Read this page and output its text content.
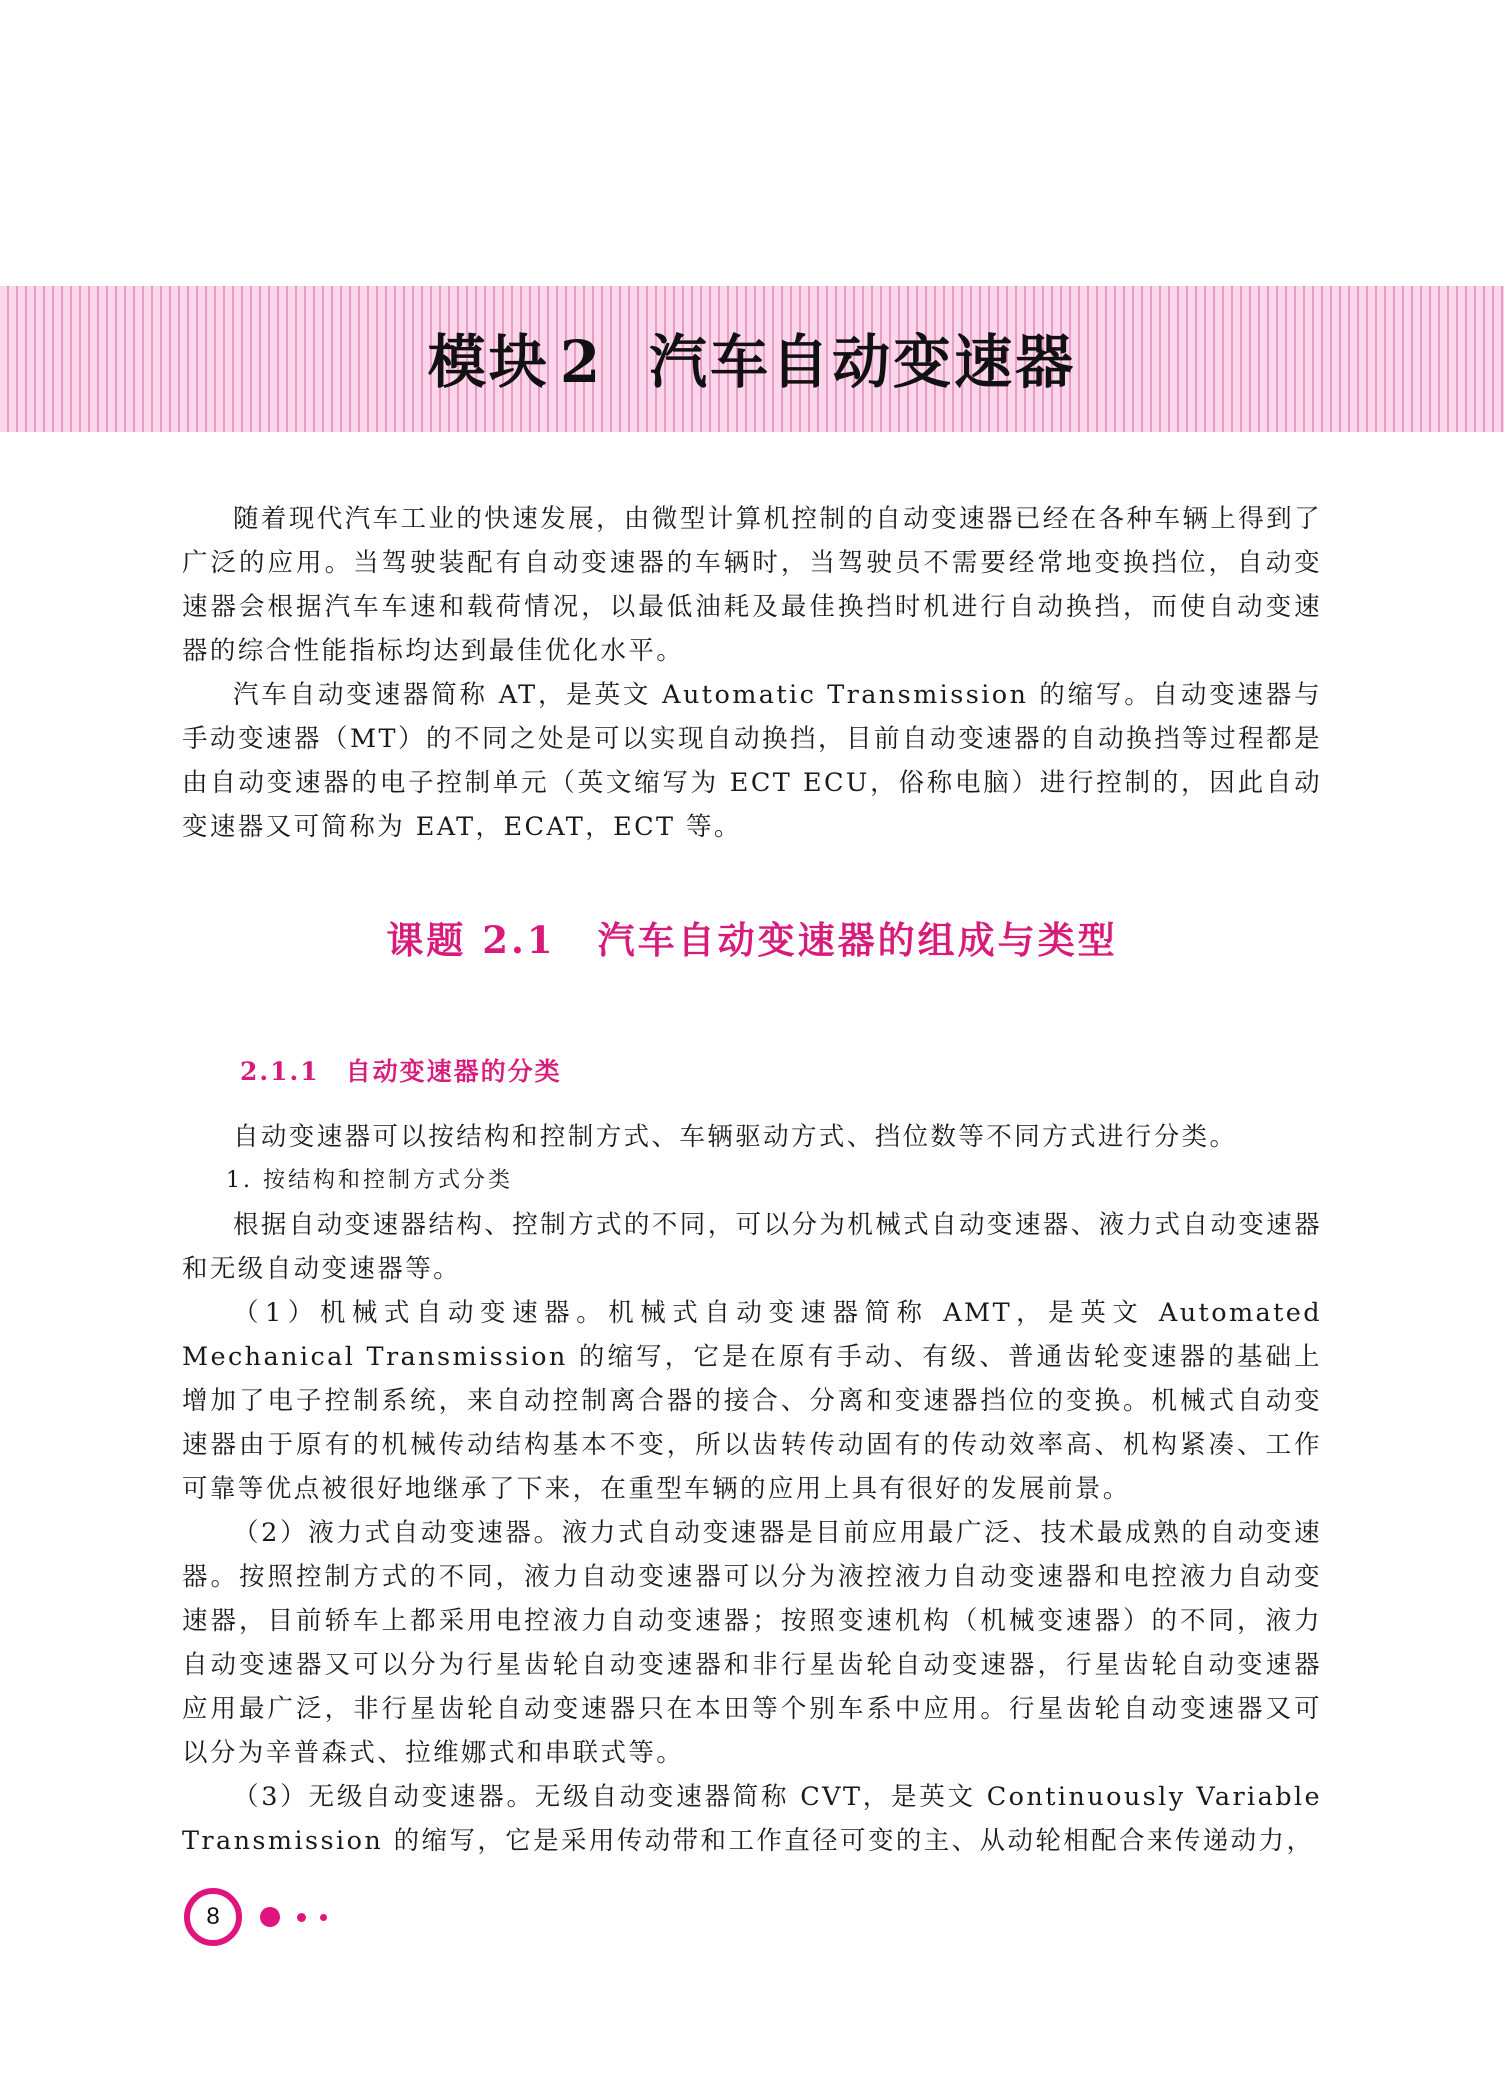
模块 2 汽车自动变速器

随着现代汽车工业的快速发展，由微型计算机控制的自动变速器已经在各种车辆上得到了广泛的应用。当驾驶装配有自动变速器的车辆时，当驾驶员不需要经常地变换挡位，自动变速器会根据汽车车速和载荷情况，以最低油耗及最佳换挡时机进行自动换挡，而使自动变速器的综合性能指标均达到最佳优化水平。

汽车自动变速器简称 AT，是英文 Automatic Transmission 的缩写。自动变速器与手动变速器（MT）的不同之处是可以实现自动换挡，目前自动变速器的自动换挡等过程都是由自动变速器的电子控制单元（英文缩写为 ECT ECU，俗称电脑）进行控制的，因此自动变速器又可简称为 EAT，ECAT，ECT 等。

课题 2.1 汽车自动变速器的组成与类型
2.1.1 自动变速器的分类

自动变速器可以按结构和控制方式、车辆驱动方式、挡位数等不同方式进行分类。

1. 按结构和控制方式分类

根据自动变速器结构、控制方式的不同，可以分为机械式自动变速器、液力式自动变速器和无级自动变速器等。

（1）机械式自动变速器。机械式自动变速器简称 AMT，是英文 Automated Mechanical Transmission 的缩写，它是在原有手动、有级、普通齿轮变速器的基础上增加了电子控制系统，来自动控制离合器的接合、分离和变速器挡位的变换。机械式自动变速器由于原有的机械传动结构基本不变，所以齿转传动固有的传动效率高、机构紧凑、工作可靠等优点被很好地继承了下来，在重型车辆的应用上具有很好的发展前景。

（2）液力式自动变速器。液力式自动变速器是目前应用最广泛、技术最成熟的自动变速器。按照控制方式的不同，液力自动变速器可以分为液控液力自动变速器和电控液力自动变速器，目前轿车上都采用电控液力自动变速器；按照变速机构（机械变速器）的不同，液力自动变速器又可以分为行星齿轮自动变速器和非行星齿轮自动变速器，行星齿轮自动变速器应用最广泛，非行星齿轮自动变速器只在本田等个别车系中应用。行星齿轮自动变速器又可以分为辛普森式、拉维娜式和串联式等。

（3）无级自动变速器。无级自动变速器简称 CVT，是英文 Continuously Variable Transmission 的缩写，它是采用传动带和工作直径可变的主、从动轮相配合来传递动力，

8
